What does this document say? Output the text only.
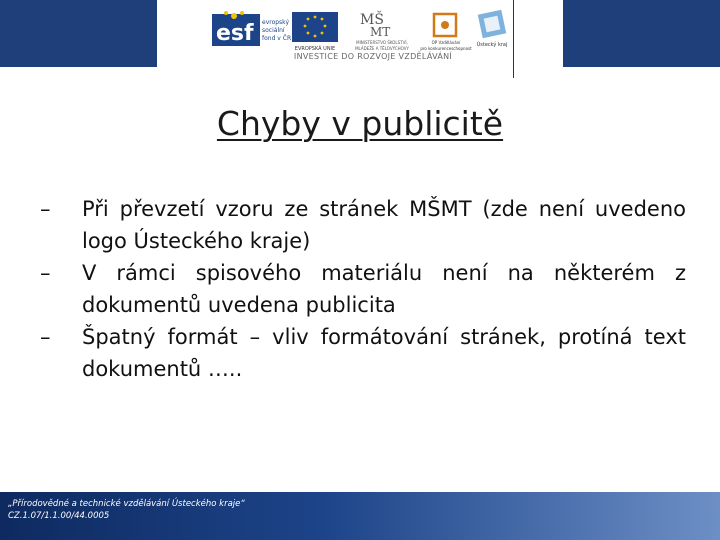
esf evropský
sociální
fond v ČR
EVROPSKÁ UNIE
MŠ
MT
MINISTERSTVO ŠKOLSTVÍ,
MLÁDEŽE A TĚLOVÝCHOVY
OP Vzdělávání
pro konkurenceschopnost
Ústecký kraj
INVESTICE DO ROZVOJE VZDĚLÁVÁNÍ
Chyby v publicitě
– Při převzetí vzoru ze stránek MŠMT (zde není uvedeno logo Ústeckého kraje)
– V rámci spisového materiálu není na některém z dokumentů uvedena publicita
– Špatný formát – vliv formátování stránek, protíná text dokumentů …..
„Přírodovědné a technické vzdělávání Ústeckého kraje“
CZ.1.07/1.1.00/44.0005
